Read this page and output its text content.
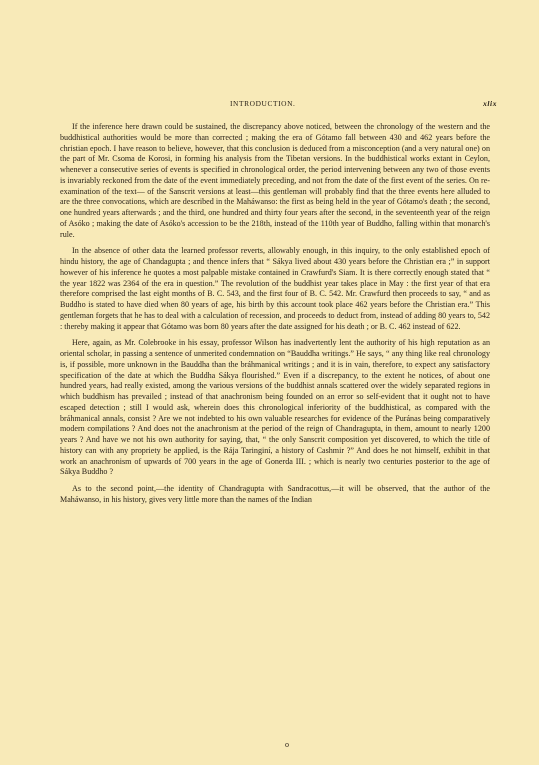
INTRODUCTION.	xlix

If the inference here drawn could be sustained, the discrepancy above noticed, between the chronology of the western and the buddhistical authorities would be more than corrected ; making the era of Gótamo fall between 430 and 462 years before the christian epoch. I have reason to believe, however, that this conclusion is deduced from a misconception (and a very natural one) on the part of Mr. Csoma de Korosi, in forming his analysis from the Tibetan versions. In the buddhistical works extant in Ceylon, whenever a consecutive series of events is specified in chronological order, the period intervening between any two of those events is invariably reckoned from the date of the event immediately preceding, and not from the date of the first event of the series. On re-examination of the text— of the Sanscrit versions at least—this gentleman will probably find that the three events here alluded to are the three convocations, which are described in the Maháwanso: the first as being held in the year of Gótamo's death ; the second, one hundred years afterwards ; and the third, one hundred and thirty four years after the second, in the seventeenth year of the reign of Asóko ; making the date of Asóko's accession to be the 218th, instead of the 110th year of Buddho, falling within that monarch's rule.

In the absence of other data the learned professor reverts, allowably enough, in this inquiry, to the only established epoch of hindu history, the age of Chandagupta ; and thence infers that “ Sákya lived about 430 years before the Christian era ;” in support however of his inference he quotes a most palpable mistake contained in Crawfurd's Siam. It is there correctly enough stated that “ the year 1822 was 2364 of the era in question.” The revolution of the buddhist year takes place in May : the first year of that era therefore comprised the last eight months of B. C. 543, and the first four of B. C. 542. Mr. Crawfurd then proceeds to say, “ and as Buddho is stated to have died when 80 years of age, his birth by this account took place 462 years before the Christian era.” This gentleman forgets that he has to deal with a calculation of recession, and proceeds to deduct from, instead of adding 80 years to, 542 : thereby making it appear that Gótamo was born 80 years after the date assigned for his death ; or B. C. 462 instead of 622.

Here, again, as Mr. Colebrooke in his essay, professor Wilson has inadvertently lent the authority of his high reputation as an oriental scholar, in passing a sentence of unmerited condemnation on “Bauddha writings.” He says, “ any thing like real chronology is, if possible, more unknown in the Bauddha than the bráhmanical writings ; and it is in vain, therefore, to expect any satisfactory specification of the date at which the Buddha Sákya flourished.” Even if a discrepancy, to the extent he notices, of about one hundred years, had really existed, among the various versions of the buddhist annals scattered over the widely separated regions in which buddhism has prevailed ; instead of that anachronism being founded on an error so self-evident that it ought not to have escaped detection ; still I would ask, wherein does this chronological inferiority of the buddhistical, as compared with the bráhmanical annals, consist ? Are we not indebted to his own valuable researches for evidence of the Puránas being comparatively modern compilations ? And does not the anachronism at the period of the reign of Chandragupta, in them, amount to nearly 1200 years ? And have we not his own authority for saying, that, “ the only Sanscrit composition yet discovered, to which the title of history can with any propriety be applied, is the Rája Taringiní, a history of Cashmir ?” And does he not himself, exhibit in that work an anachronism of upwards of 700 years in the age of Gonerda III. ; which is nearly two centuries posterior to the age of Sákya Buddho ?

As to the second point,—the identity of Chandragupta with Sandracottus,—it will be observed, that the author of the Maháwanso, in his history, gives very little more than the names of the Indian

o
